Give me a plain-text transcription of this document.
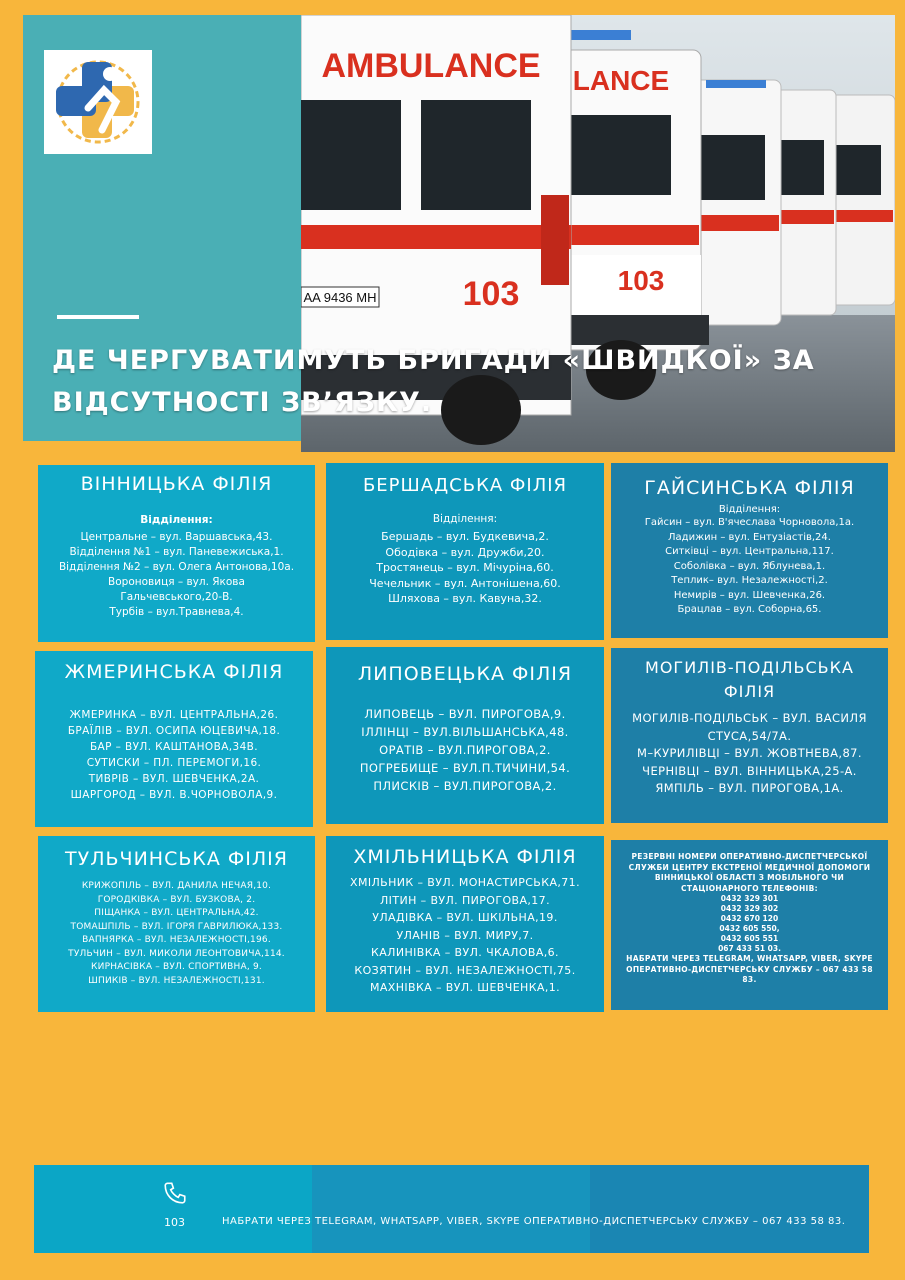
LANCE
103
AA 9436 MH
AMBULANCE
103
ДЕ ЧЕРГУВАТИМУТЬ БРИГАДИ «ШВИДКОЇ» ЗА ВІДСУТНОСТІ ЗВ’ЯЗКУ.
ВІННИЦЬКА ФІЛІЯ
Відділення:
Центральне – вул. Варшавська,43.
Відділення №1 – вул. Паневежиська,1.
Відділення №2 – вул. Олега Антонова,10а.
Вороновиця – вул. Якова
Гальчевського,20-В.
Турбів – вул.Травнева,4.
БЕРШАДСЬКА ФІЛІЯ
Відділення:
Бершадь – вул. Будкевича,2.
Ободівка – вул. Дружби,20.
Тростянець – вул. Мічуріна,60.
Чечельник – вул. Антонішена,60.
Шляхова – вул. Кавуна,32.
ГАЙСИНСЬКА ФІЛІЯ
Відділення:
Гайсин – вул. В'ячеслава Чорновола,1а.
Ладижин – вул. Ентузіастів,24.
Ситківці – вул. Центральна,117.
Соболівка – вул. Яблунева,1.
Теплик– вул. Незалежності,2.
Немирів – вул. Шевченка,26.
Брацлав – вул. Соборна,65.
ЖМЕРИНСЬКА ФІЛІЯ
ЖМЕРИНКА – ВУЛ. ЦЕНТРАЛЬНА,26.
БРАЇЛІВ – ВУЛ. ОСИПА ЮЦЕВИЧА,18.
БАР – ВУЛ. КАШТАНОВА,34В.
СУТИСКИ – ПЛ. ПЕРЕМОГИ,16.
ТИВРІВ – ВУЛ. ШЕВЧЕНКА,2А.
ШАРГОРОД – ВУЛ. В.ЧОРНОВОЛА,9.
ЛИПОВЕЦЬКА ФІЛІЯ
ЛИПОВЕЦЬ – ВУЛ. ПИРОГОВА,9.
ІЛЛІНЦІ – ВУЛ.ВІЛЬШАНСЬКА,48.
ОРАТІВ – ВУЛ.ПИРОГОВА,2.
ПОГРЕБИЩЕ – ВУЛ.П.ТИЧИНИ,54.
ПЛИСКІВ – ВУЛ.ПИРОГОВА,2.
МОГИЛІВ-ПОДІЛЬСЬКА ФІЛІЯ
МОГИЛІВ-ПОДІЛЬСЬК – ВУЛ. ВАСИЛЯ
СТУСА,54/7А.
М–КУРИЛІВЦІ – ВУЛ. ЖОВТНЕВА,87.
ЧЕРНІВЦІ – ВУЛ. ВІННИЦЬКА,25-А.
ЯМПІЛЬ – ВУЛ. ПИРОГОВА,1А.
ТУЛЬЧИНСЬКА ФІЛІЯ
КРИЖОПІЛЬ – ВУЛ. ДАНИЛА НЕЧАЯ,10.
ГОРОДКІВКА – ВУЛ. БУЗКОВА, 2.
ПІЩАНКА – ВУЛ. ЦЕНТРАЛЬНА,42.
ТОМАШПІЛЬ – ВУЛ. ІГОРЯ ГАВРИЛЮКА,133.
ВАПНЯРКА – ВУЛ. НЕЗАЛЕЖНОСТІ,196.
ТУЛЬЧИН – ВУЛ. МИКОЛИ ЛЕОНТОВИЧА,114.
КИРНАСІВКА – ВУЛ. СПОРТИВНА, 9.
ШПИКІВ – ВУЛ. НЕЗАЛЕЖНОСТІ,131.
ХМІЛЬНИЦЬКА ФІЛІЯ
ХМІЛЬНИК – ВУЛ. МОНАСТИРСЬКА,71.
ЛІТИН – ВУЛ. ПИРОГОВА,17.
УЛАДІВКА – ВУЛ. ШКІЛЬНА,19.
УЛАНІВ – ВУЛ. МИРУ,7.
КАЛИНІВКА – ВУЛ. ЧКАЛОВА,6.
КОЗЯТИН – ВУЛ. НЕЗАЛЕЖНОСТІ,75.
МАХНІВКА – ВУЛ. ШЕВЧЕНКА,1.
РЕЗЕРВНІ НОМЕРИ ОПЕРАТИВНО-ДИСПЕТЧЕРСЬКОЇ СЛУЖБИ ЦЕНТРУ ЕКСТРЕНОЇ МЕДИЧНОЇ ДОПОМОГИ ВІННИЦЬКОЇ ОБЛАСТІ З МОБІЛЬНОГО ЧИ СТАЦІОНАРНОГО ТЕЛЕФОНІВ:
0432 329 301
0432 329 302
0432 670 120
0432 605 550,
0432 605 551
067 433 51 03.
НАБРАТИ ЧЕРЕЗ TELEGRAM, WHATSAPP, VIBER, SKYPE ОПЕРАТИВНО-ДИСПЕТЧЕРСЬКУ СЛУЖБУ – 067 433 58 83.
103	НАБРАТИ ЧЕРЕЗ TELEGRAM, WHATSAPP, VIBER, SKYPE ОПЕРАТИВНО-ДИСПЕТЧЕРСЬКУ СЛУЖБУ – 067 433 58 83.
